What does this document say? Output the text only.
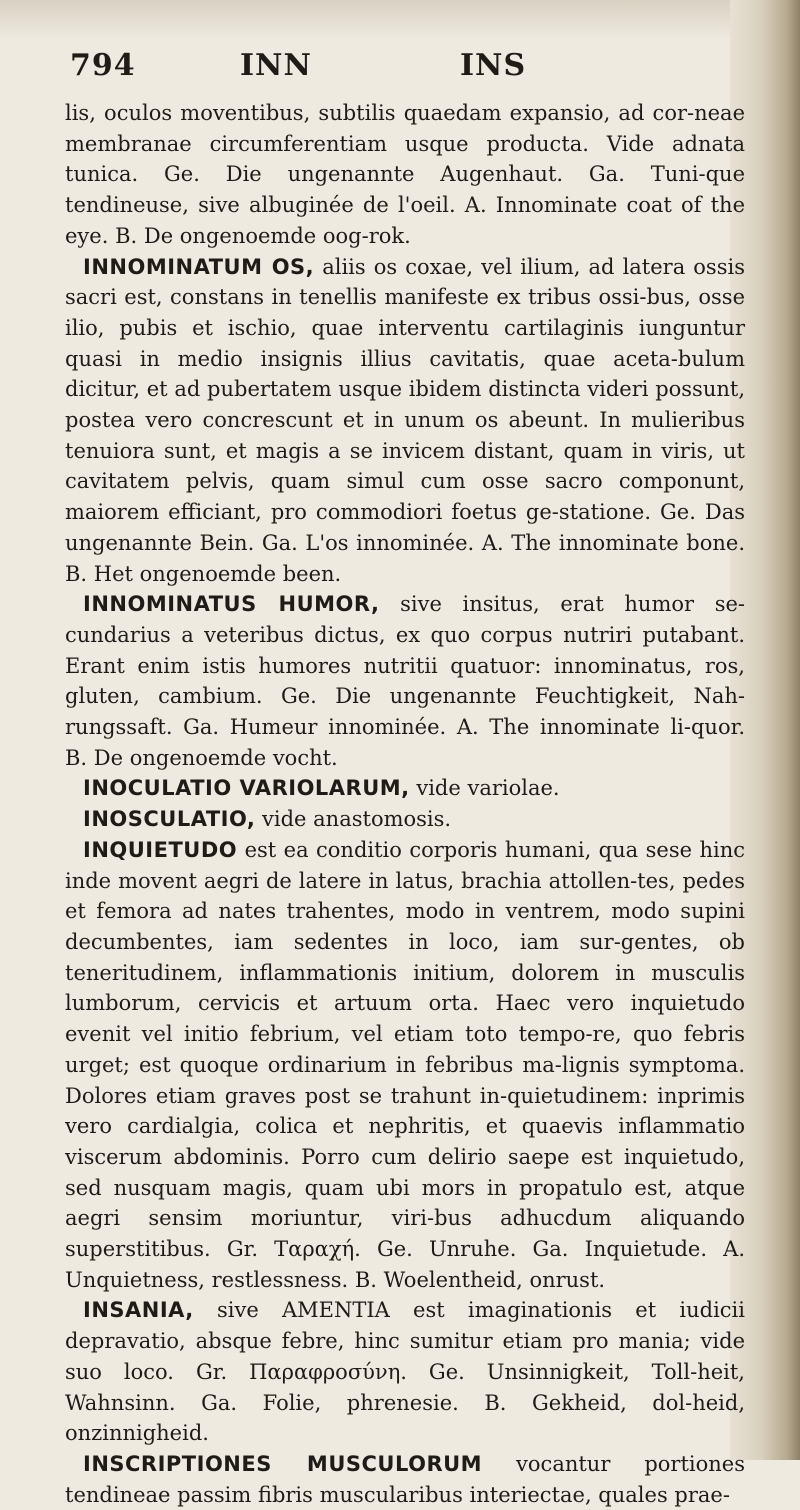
794	INN	INS

lis, oculos moventibus, subtilis quaedam expansio, ad cor-neae membranae circumferentiam usque producta. Vide adnata tunica. Ge. Die ungenannte Augenhaut. Ga. Tuni-que tendineuse, sive albuginée de l'oeil. A. Innominate coat of the eye. B. De ongenoemde oog-rok.

INNOMINATUM OS, aliis os coxae, vel ilium, ad latera ossis sacri est, constans in tenellis manifeste ex tribus ossi-bus, osse ilio, pubis et ischio, quae interventu cartilaginis iunguntur quasi in medio insignis illius cavitatis, quae aceta-bulum dicitur, et ad pubertatem usque ibidem distincta videri possunt, postea vero concrescunt et in unum os abeunt. In mulieribus tenuiora sunt, et magis a se invicem distant, quam in viris, ut cavitatem pelvis, quam simul cum osse sacro componunt, maiorem efficiant, pro commodiori foetus ge-statione. Ge. Das ungenannte Bein. Ga. L'os innominée. A. The innominate bone. B. Het ongenoemde been.

INNOMINATUS HUMOR, sive insitus, erat humor se-cundarius a veteribus dictus, ex quo corpus nutriri putabant. Erant enim istis humores nutritii quatuor: innominatus, ros, gluten, cambium. Ge. Die ungenannte Feuchtigkeit, Nah-rungssaft. Ga. Humeur innominée. A. The innominate li-quor. B. De ongenoemde vocht.

INOCULATIO VARIOLARUM, vide variolae.

INOSCULATIO, vide anastomosis.

INQUIETUDO est ea conditio corporis humani, qua sese hinc inde movent aegri de latere in latus, brachia attollen-tes, pedes et femora ad nates trahentes, modo in ventrem, modo supini decumbentes, iam sedentes in loco, iam sur-gentes, ob teneritudinem, inflammationis initium, dolorem in musculis lumborum, cervicis et artuum orta. Haec vero inquietudo evenit vel initio febrium, vel etiam toto tempo-re, quo febris urget; est quoque ordinarium in febribus ma-lignis symptoma. Dolores etiam graves post se trahunt in-quietudinem: inprimis vero cardialgia, colica et nephritis, et quaevis inflammatio viscerum abdominis. Porro cum delirio saepe est inquietudo, sed nusquam magis, quam ubi mors in propatulo est, atque aegri sensim moriuntur, viri-bus adhucdum aliquando superstitibus. Gr. Ταραχή. Ge. Unruhe. Ga. Inquietude. A. Unquietness, restlessness. B. Woelentheid, onrust.

INSANIA, sive AMENTIA est imaginationis et iudicii depravatio, absque febre, hinc sumitur etiam pro mania; vide suo loco. Gr. Παραφροσύνη. Ge. Unsinnigkeit, Toll-heit, Wahnsinn. Ga. Folie, phrenesie. B. Gekheid, dol-heid, onzinnigheid.

INSCRIPTIONES MUSCULORUM vocantur portiones tendineae passim fibris muscularibus interiectae, quales prae-
